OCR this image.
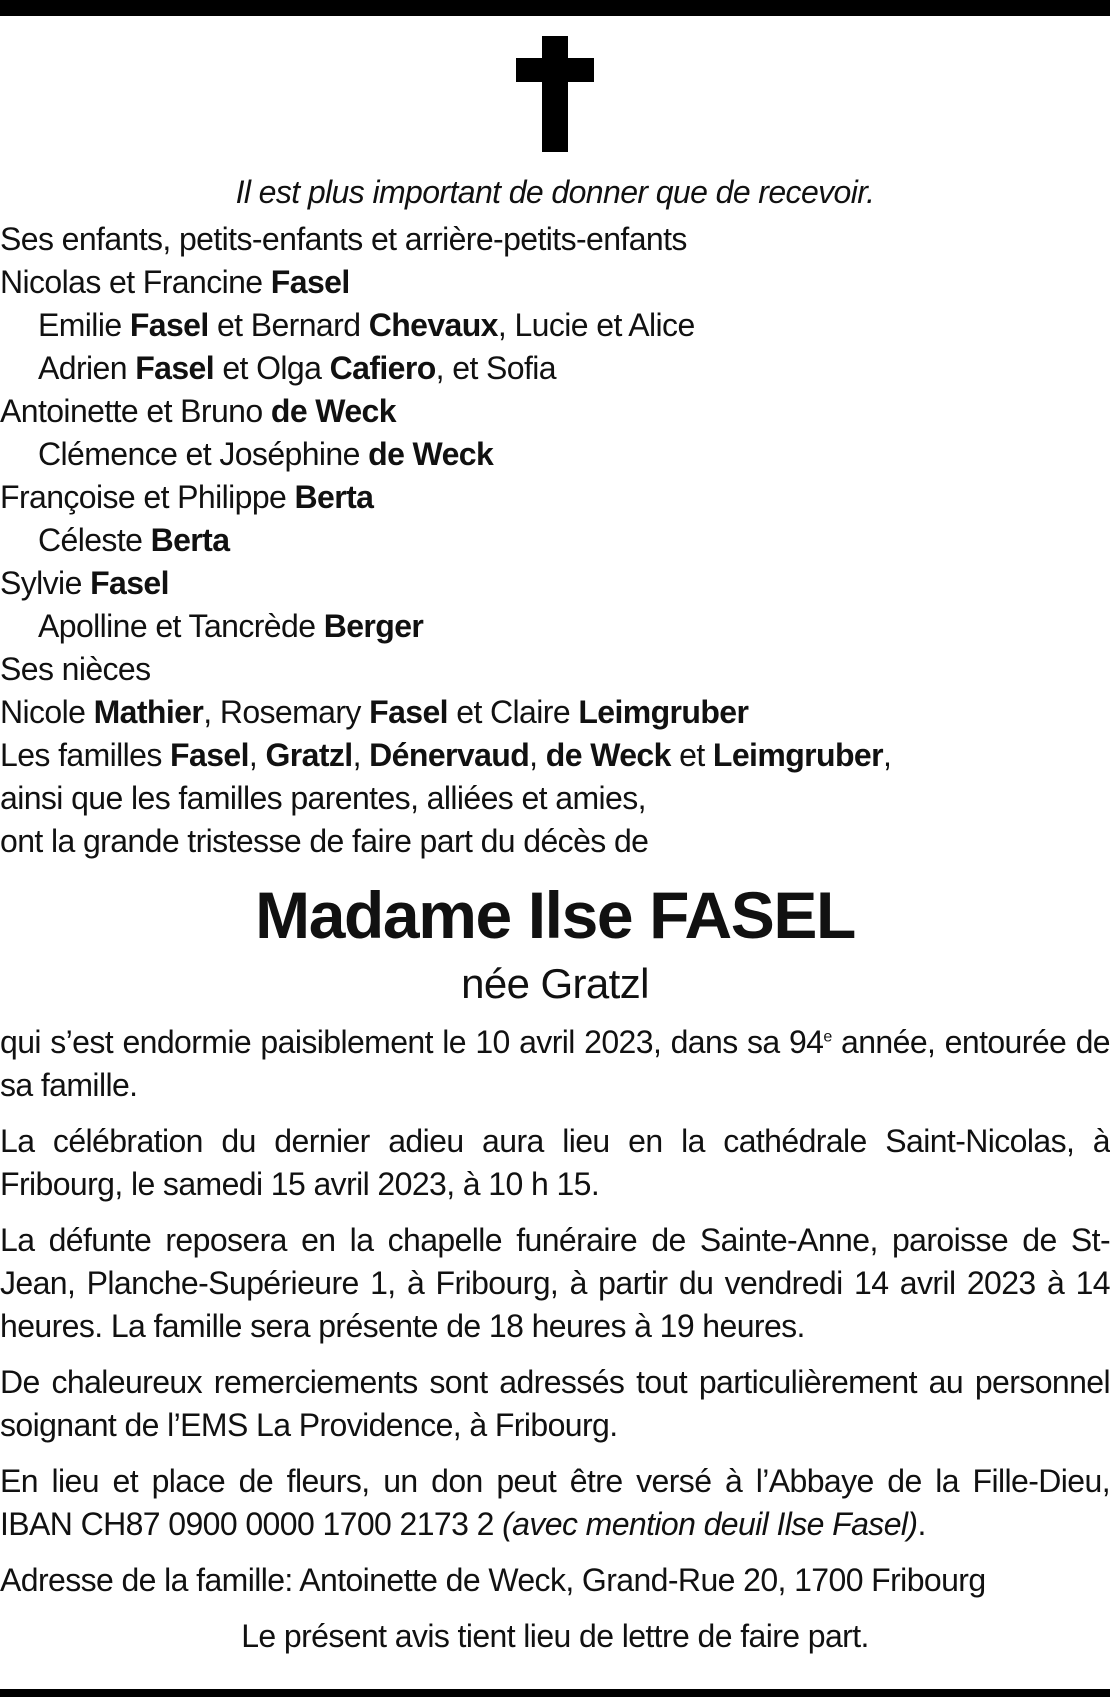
Il est plus important de donner que de recevoir.
Ses enfants, petits-enfants et arrière-petits-enfants
Nicolas et Francine Fasel
Emilie Fasel et Bernard Chevaux, Lucie et Alice
Adrien Fasel et Olga Cafiero, et Sofia
Antoinette et Bruno de Weck
Clémence et Joséphine de Weck
Françoise et Philippe Berta
Céleste Berta
Sylvie Fasel
Apolline et Tancrède Berger
Ses nièces
Nicole Mathier, Rosemary Fasel et Claire Leimgruber
Les familles Fasel, Gratzl, Dénervaud, de Weck et Leimgruber,
ainsi que les familles parentes, alliées et amies,
ont la grande tristesse de faire part du décès de
Madame Ilse FASEL
née Gratzl
qui s’est endormie paisiblement le 10 avril 2023, dans sa 94e année, entourée de sa famille.
La célébration du dernier adieu aura lieu en la cathédrale Saint-Nicolas, à Fribourg, le samedi 15 avril 2023, à 10 h 15.
La défunte reposera en la chapelle funéraire de Sainte-Anne, paroisse de St-Jean, Planche-Supérieure 1, à Fribourg, à partir du vendredi 14 avril 2023 à 14 heures. La famille sera présente de 18 heures à 19 heures.
De chaleureux remerciements sont adressés tout particulièrement au personnel soignant de l’EMS La Providence, à Fribourg.
En lieu et place de fleurs, un don peut être versé à l’Abbaye de la Fille-Dieu, IBAN CH87 0900 0000 1700 2173 2 (avec mention deuil Ilse Fasel).
Adresse de la famille: Antoinette de Weck, Grand-Rue 20, 1700 Fribourg
Le présent avis tient lieu de lettre de faire part.
